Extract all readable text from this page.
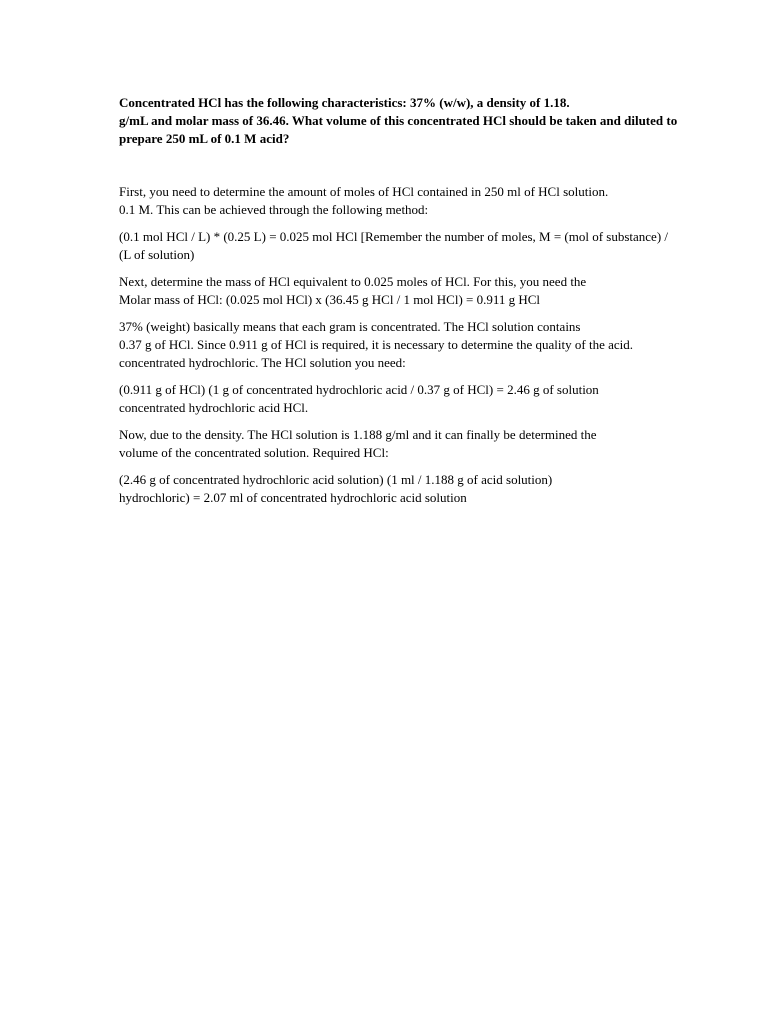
Concentrated HCl has the following characteristics: 37% (w/w), a density of 1.18.
g/mL and molar mass of 36.46. What volume of this concentrated HCl should be taken and diluted to
prepare 250 mL of 0.1 M acid?

First, you need to determine the amount of moles of HCl contained in 250 ml of HCl solution.
0.1 M. This can be achieved through the following method:

(0.1 mol HCl / L) * (0.25 L) = 0.025 mol HCl [Remember the number of moles, M = (mol of substance) /
(L of solution)

Next, determine the mass of HCl equivalent to 0.025 moles of HCl. For this, you need the
Molar mass of HCl: (0.025 mol HCl) x (36.45 g HCl / 1 mol HCl) = 0.911 g HCl

37% (weight) basically means that each gram is concentrated. The HCl solution contains
0.37 g of HCl. Since 0.911 g of HCl is required, it is necessary to determine the quality of the acid.
concentrated hydrochloric. The HCl solution you need:

(0.911 g of HCl) (1 g of concentrated hydrochloric acid / 0.37 g of HCl) = 2.46 g of solution
concentrated hydrochloric acid HCl.

Now, due to the density. The HCl solution is 1.188 g/ml and it can finally be determined the
volume of the concentrated solution. Required HCl:

(2.46 g of concentrated hydrochloric acid solution) (1 ml / 1.188 g of acid solution)
hydrochloric) = 2.07 ml of concentrated hydrochloric acid solution
